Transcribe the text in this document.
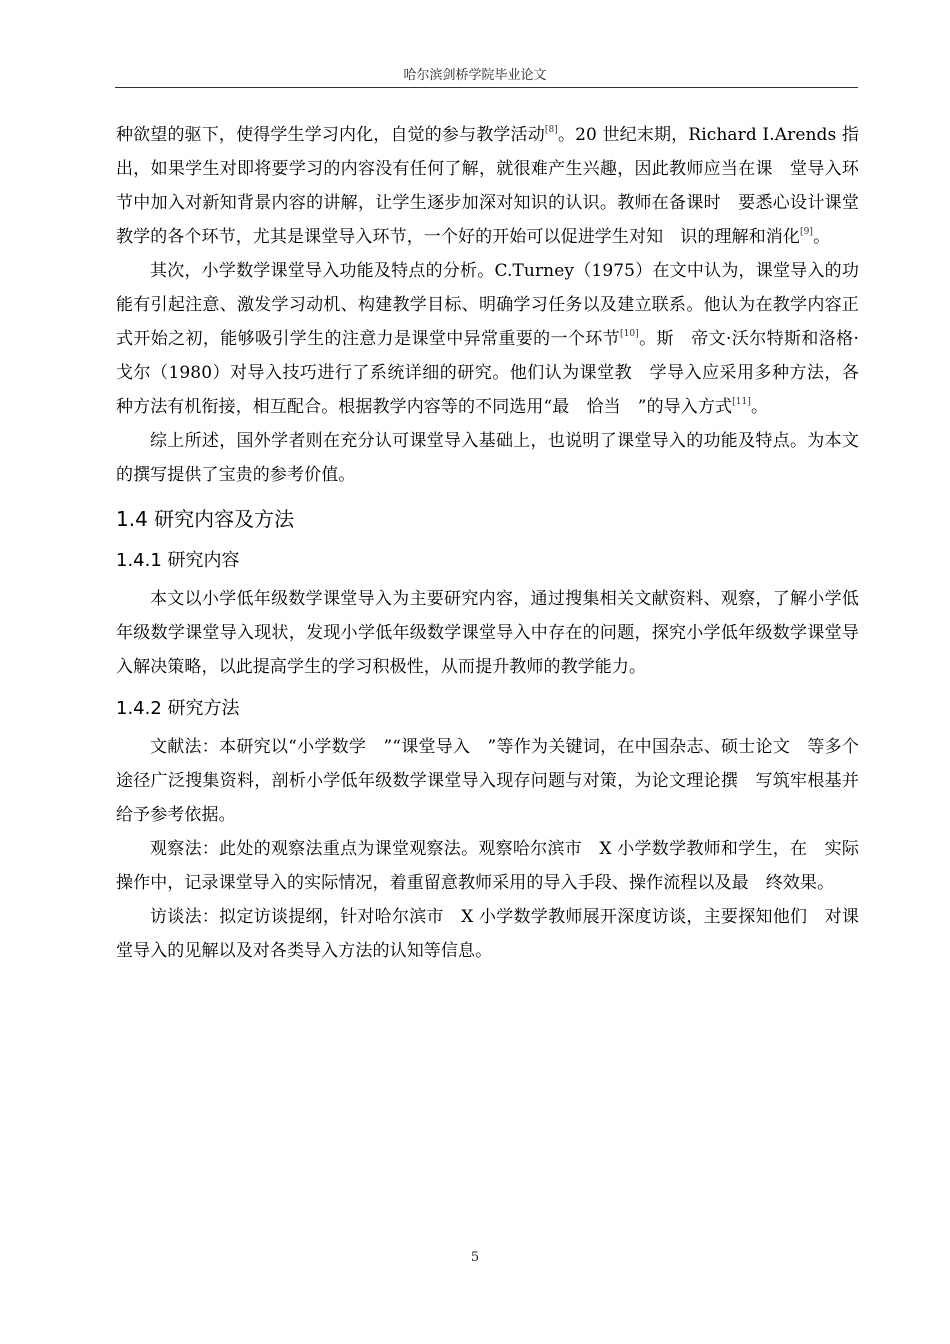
哈尔滨剑桥学院毕业论文

种欲望的驱下，使得学生学习内化，自觉的参与教学活动[8]。20 世纪末期，Richard I.Arends 指出，如果学生对即将要学习的内容没有任何了解，就很难产生兴趣，因此教师应当在课　堂导入环节中加入对新知背景内容的讲解，让学生逐步加深对知识的认识。教师在备课时　要悉心设计课堂教学的各个环节，尤其是课堂导入环节，一个好的开始可以促进学生对知　识的理解和消化[9]。

其次，小学数学课堂导入功能及特点的分析。C.Turney（1975）在文中认为，课堂导入的功能有引起注意、激发学习动机、构建教学目标、明确学习任务以及建立联系。他认为在教学内容正式开始之初，能够吸引学生的注意力是课堂中异常重要的一个环节[10]。斯　帝文·沃尔特斯和洛格·戈尔（1980）对导入技巧进行了系统详细的研究。他们认为课堂教　学导入应采用多种方法，各种方法有机衔接，相互配合。根据教学内容等的不同选用“最　恰当　”的导入方式[11]。

综上所述，国外学者则在充分认可课堂导入基础上，也说明了课堂导入的功能及特点。为本文的撰写提供了宝贵的参考价值。

1.4 研究内容及方法
1.4.1 研究内容

本文以小学低年级数学课堂导入为主要研究内容，通过搜集相关文献资料、观察，了解小学低年级数学课堂导入现状，发现小学低年级数学课堂导入中存在的问题，探究小学低年级数学课堂导入解决策略，以此提高学生的学习积极性，从而提升教师的教学能力。

1.4.2 研究方法

文献法：本研究以“小学数学　”“课堂导入　”等作为关键词，在中国杂志、硕士论文　等多个途径广泛搜集资料，剖析小学低年级数学课堂导入现存问题与对策，为论文理论撰　写筑牢根基并给予参考依据。

观察法：此处的观察法重点为课堂观察法。观察哈尔滨市　X 小学数学教师和学生，在　实际操作中，记录课堂导入的实际情况，着重留意教师采用的导入手段、操作流程以及最　终效果。

访谈法：拟定访谈提纲，针对哈尔滨市　X 小学数学教师展开深度访谈，主要探知他们　对课堂导入的见解以及对各类导入方法的认知等信息。

5
